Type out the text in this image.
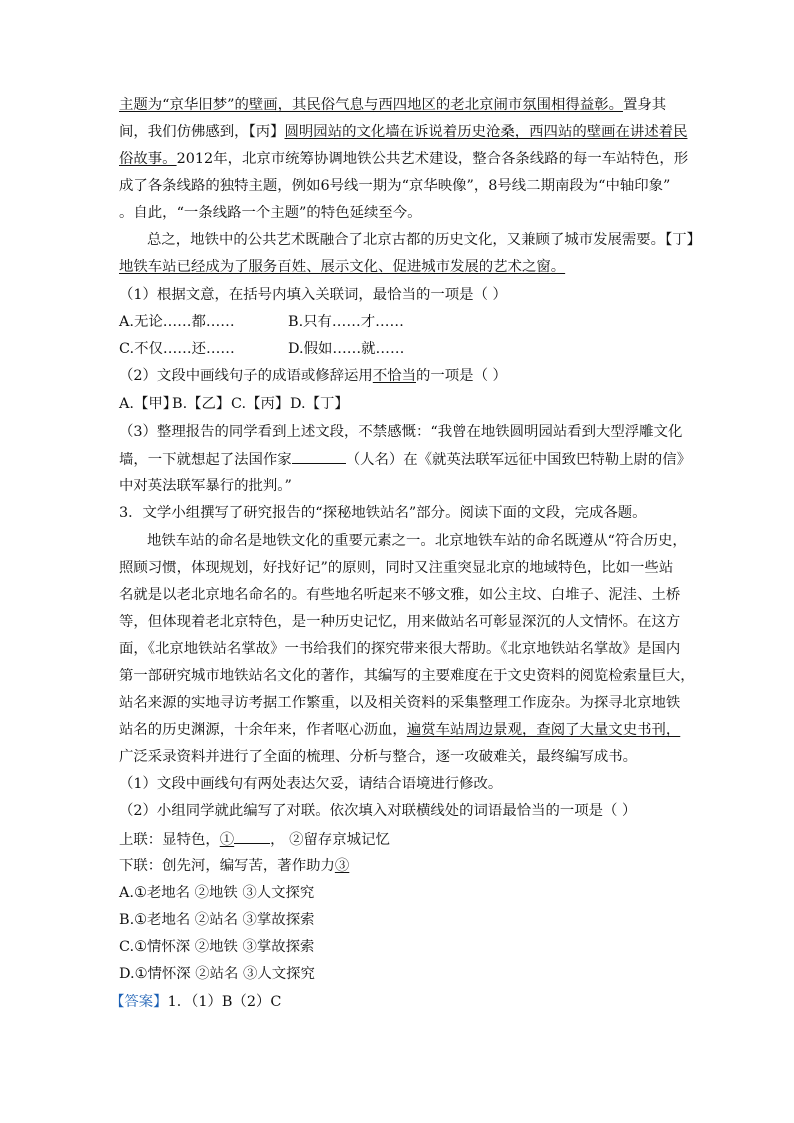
主题为“京华旧梦”的壁画，其民俗气息与西四地区的老北京闹市氛围相得益彰。置身其
间，我们仿佛感到，【丙】圆明园站的文化墙在诉说着历史沧桑，西四站的壁画在讲述着民
俗故事。2012年，北京市统筹协调地铁公共艺术建设，整合各条线路的每一车站特色，形
成了各条线路的独特主题，例如6号线一期为“京华映像”，8号线二期南段为“中轴印象”
。自此，“一条线路一个主题”的特色延续至今。
总之，地铁中的公共艺术既融合了北京古都的历史文化，又兼顾了城市发展需要。【丁】
地铁车站已经成为了服务百姓、展示文化、促进城市发展的艺术之窗。
（1）根据文意，在括号内填入关联词，最恰当的一项是（ ）
A.无论……都……	B.只有……才……
C.不仅……还……	D.假如……就……
（2）文段中画线句子的成语或修辞运用不恰当的一项是（ ）
A.【甲】
B.【乙】 C.【丙】 D.【丁】
（3）整理报告的同学看到上述文段，不禁感慨：“我曾在地铁圆明园站看到大型浮雕文化
墙，一下就想起了法国作家	（人名）在《就英法联军远征中国致巴特勒上尉的信》
中对英法联军暴行的批判。”
3．文学小组撰写了研究报告的“探秘地铁站名”部分。阅读下面的文段，完成各题。
地铁车站的命名是地铁文化的重要元素之一。北京地铁车站的命名既遵从“符合历史，
照顾习惯，体现规划，好找好记”的原则，同时又注重突显北京的地域特色，比如一些站
名就是以老北京地名命名的。有些地名听起来不够文雅，如公主坟、白堆子、泥洼、土桥
等，但体现着老北京特色，是一种历史记忆，用来做站名可彰显深沉的人文情怀。在这方
面，《北京地铁站名掌故》一书给我们的探究带来很大帮助。《北京地铁站名掌故》是国内
第一部研究城市地铁站名文化的著作，其编写的主要难度在于文史资料的阅览检索量巨大，
站名来源的实地寻访考据工作繁重，以及相关资料的采集整理工作庞杂。为探寻北京地铁
站名的历史渊源，十余年来，作者呕心沥血，遍赏车站周边景观，查阅了大量文史书刊，
广泛采录资料并进行了全面的梳理、分析与整合，逐一攻破难关，最终编写成书。
（1）文段中画线句有两处表达欠妥，请结合语境进行修改。
（2）小组同学就此编写了对联。依次填入对联横线处的词语最恰当的一项是（ ）
上联：显特色，①	， ②留存京城记忆
下联：创先河，编写苦，著作助力③
A.①老地名 ②地铁 ③人文探究
B.①老地名 ②站名 ③掌故探索
C.①情怀深 ②地铁 ③掌故探索
D.①情怀深 ②站名 ③人文探究
【答案】1．（1）B（2）C
